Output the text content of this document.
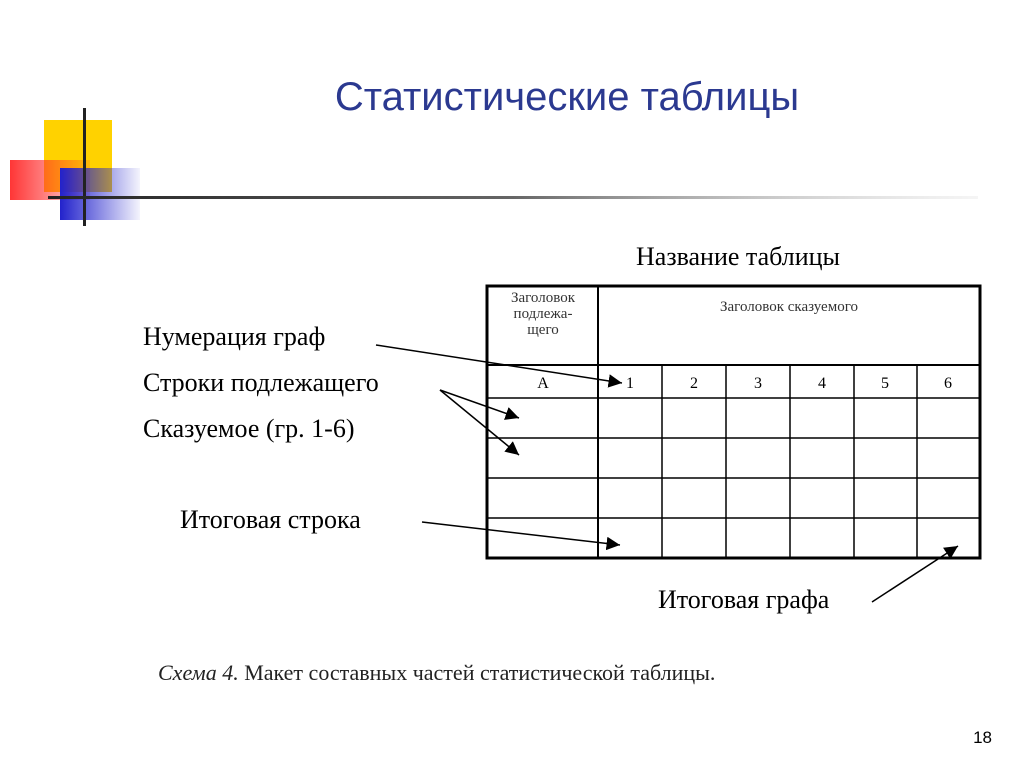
Статистические таблицы
Название таблицы
Нумерация граф
Строки подлежащего
Сказуемое (гр. 1-6)
Итоговая строка
Итоговая графа
Заголовок
подлежа-
щего
Заголовок сказуемого
А	1	2	3	4	5	6
Схема 4. Макет составных частей статистической таблицы.
18
